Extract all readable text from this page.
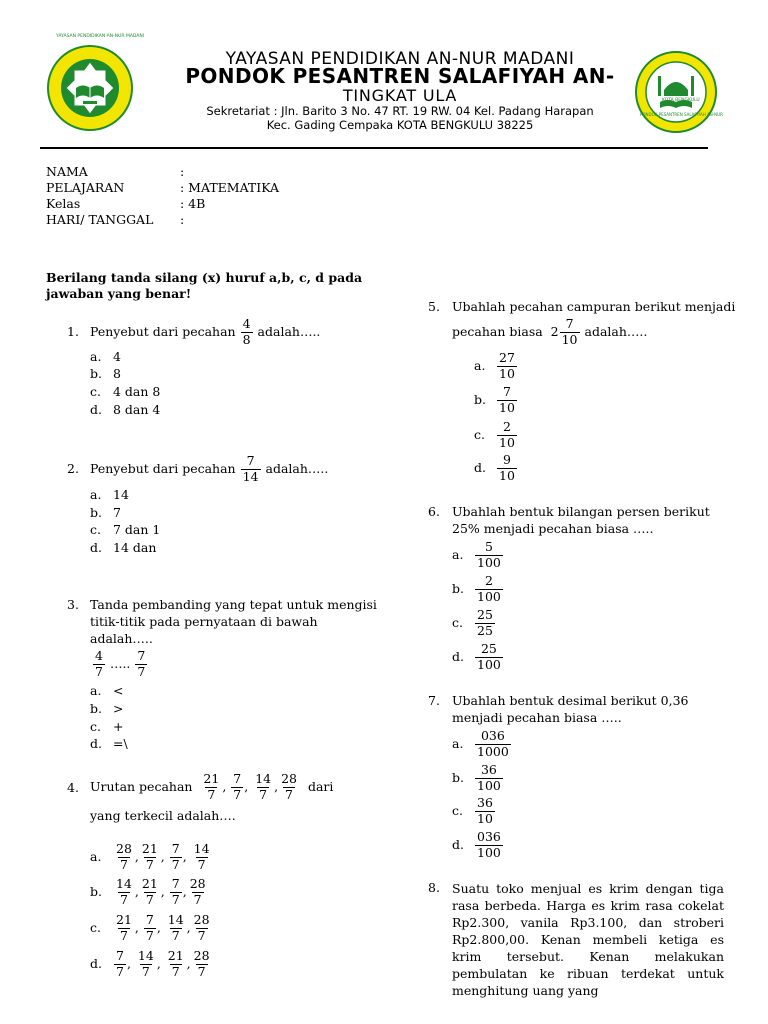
YAYASAN PENDIDIKAN AN-NUR MADANI
KOTA BENGKULU
PONDOK PESANTREN SALAFIYAH AN-NUR
YAYASAN PENDIDIKAN AN-NUR MADANI
PONDOK PESANTREN SALAFIYAH AN-
TINGKAT ULA
Sekretariat : Jln. Barito 3 No. 47 RT. 19 RW. 04 Kel. Padang Harapan
Kec. Gading Cempaka KOTA BENGKULU 38225
NAMA	:
PELAJARAN	: MATEMATIKA
Kelas	: 4B
HARI/ TANGGAL :
Berilang tanda silang (x) huruf a,b, c, d pada
jawaban yang benar!
1. Penyebut dari pecahan
$\frac{4}{8}$
adalah…..
a. 4
b. 8
c. 4 dan 8
d. 8 dan 4
2. Penyebut dari pecahan
$\frac{7}{14}$
adalah…..
a. 14
b. 7
c. 7 dan 1
d. 14 dan
3. Tanda pembanding yang tepat untuk mengisi
titik-titik pada pernyataan di bawah
adalah…..
$\frac{4}{7}$
…..
$\frac{7}{7}$
a. <
b. >
c. +
d. =\
4. Urutan pecahan
$\frac{21}{7}$ , $\frac{7}{7}$ , $\frac{14}{7}$ , $\frac{28}{7}$
dari
yang terkecil adalah….
a. $\frac{28}{7}$ , $\frac{21}{7}$ , $\frac{7}{7}$ , $\frac{14}{7}$
b. $\frac{14}{7}$ , $\frac{21}{7}$ , $\frac{7}{7}$ , $\frac{28}{7}$
c. $\frac{21}{7}$ , $\frac{7}{7}$ , $\frac{14}{7}$ , $\frac{28}{7}$
d. $\frac{7}{7}$ , $\frac{14}{7}$ , $\frac{21}{7}$ , $\frac{28}{7}$
5. Ubahlah pecahan campuran berikut menjadi
pecahan biasa
$2 \frac{7}{10}$
adalah…..
a. $\frac{27}{10}$
b. $\frac{7}{10}$
c. $\frac{2}{10}$
d. $\frac{9}{10}$
6. Ubahlah bentuk bilangan persen berikut
25% menjadi pecahan biasa …..
a. $\frac{5}{100}$
b. $\frac{2}{100}$
c. $\frac{25}{25}$
d. $\frac{25}{100}$
7. Ubahlah bentuk desimal berikut 0,36
menjadi pecahan biasa …..
a. $\frac{036}{1000}$
b. $\frac{36}{100}$
c. $\frac{36}{10}$
d. $\frac{036}{100}$
8. Suatu toko menjual es krim dengan tiga rasa berbeda. Harga es krim rasa cokelat Rp2.300, vanila Rp3.100, dan stroberi Rp2.800,00. Kenan membeli ketiga es krim tersebut. Kenan melakukan pembulatan ke ribuan terdekat untuk menghitung uang yang
